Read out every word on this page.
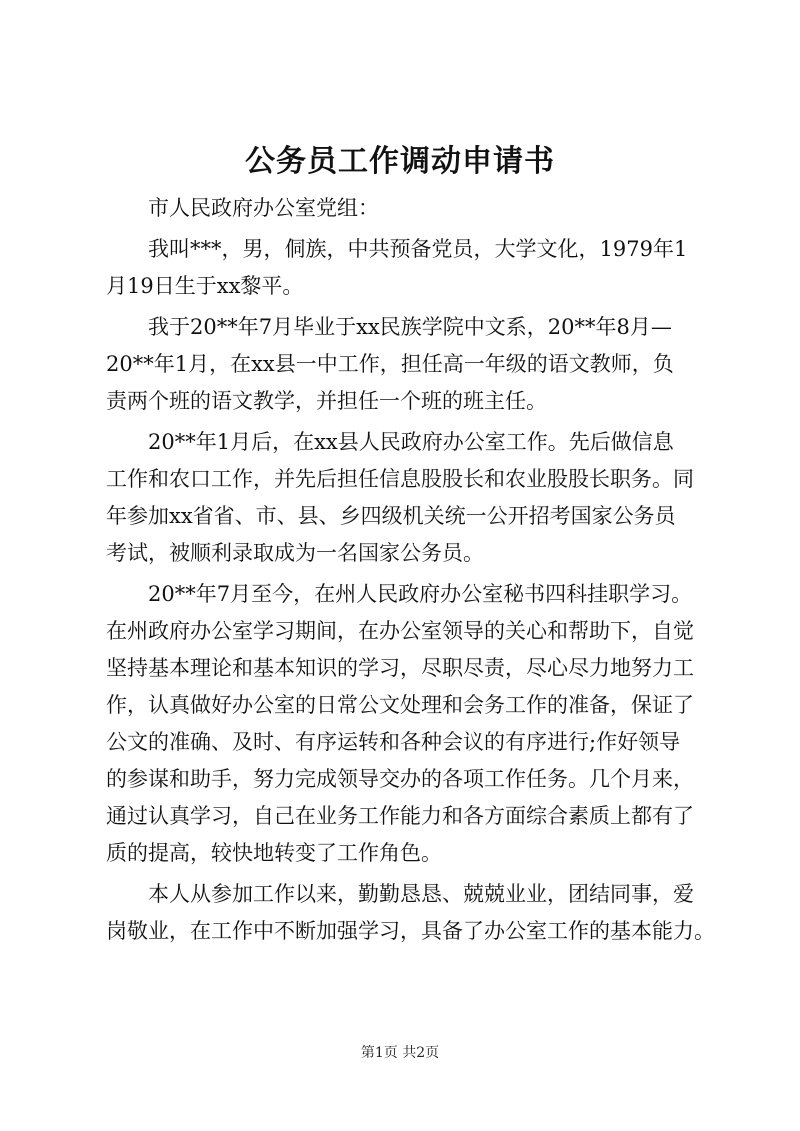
公务员工作调动申请书

市人民政府办公室党组：

我叫***，男，侗族，中共预备党员，大学文化，1979年1
月19日生于xx黎平。
我于20**年7月毕业于xx民族学院中文系，20**年8月—
20**年1月，在xx县一中工作，担任高一年级的语文教师，负
责两个班的语文教学，并担任一个班的班主任。
20**年1月后，在xx县人民政府办公室工作。先后做信息
工作和农口工作，并先后担任信息股股长和农业股股长职务。同
年参加xx省省、市、县、乡四级机关统一公开招考国家公务员
考试，被顺利录取成为一名国家公务员。
20**年7月至今，在州人民政府办公室秘书四科挂职学习。
在州政府办公室学习期间，在办公室领导的关心和帮助下，自觉
坚持基本理论和基本知识的学习，尽职尽责，尽心尽力地努力工
作，认真做好办公室的日常公文处理和会务工作的准备，保证了
公文的准确、及时、有序运转和各种会议的有序进行;作好领导
的参谋和助手，努力完成领导交办的各项工作任务。几个月来，
通过认真学习，自己在业务工作能力和各方面综合素质上都有了
质的提高，较快地转变了工作角色。
本人从参加工作以来，勤勤恳恳、兢兢业业，团结同事，爱
岗敬业，在工作中不断加强学习，具备了办公室工作的基本能力。
第1页 共2页
